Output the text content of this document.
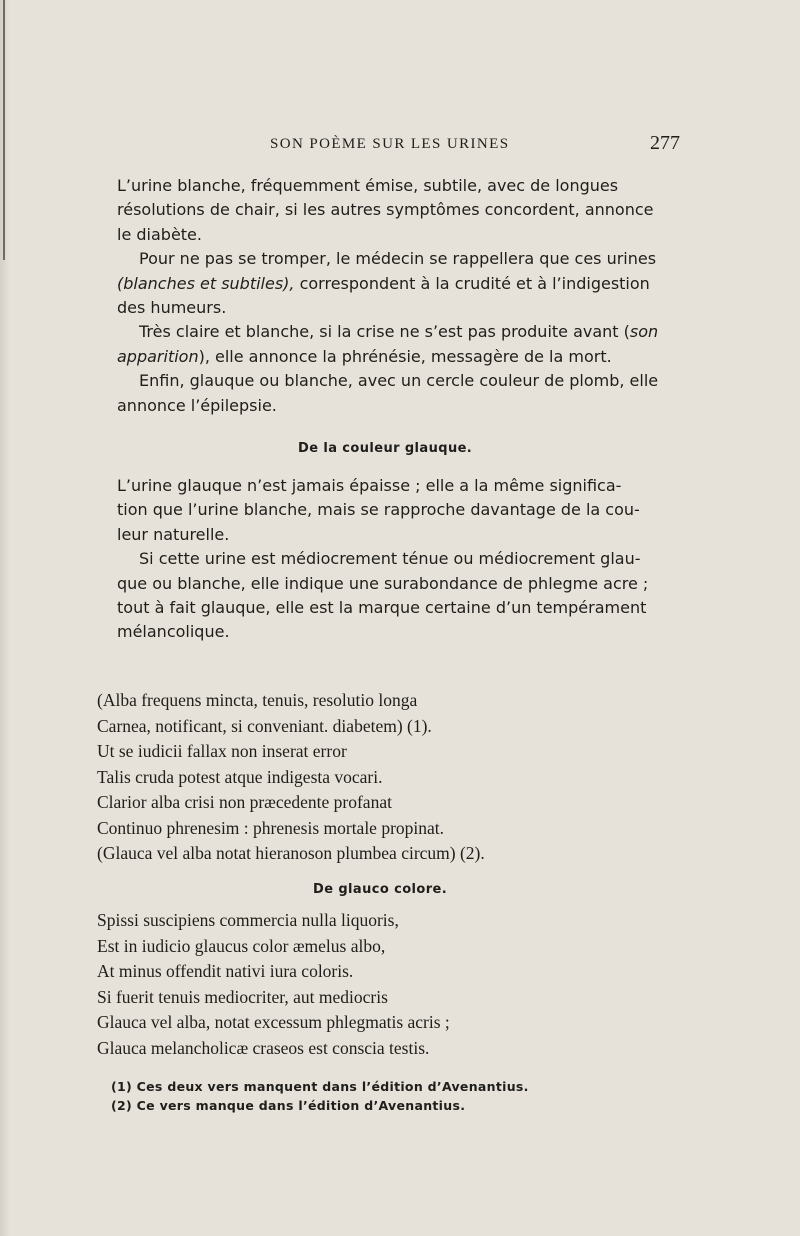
SON POÈME SUR LES URINES	277

L’urine blanche, fréquemment émise, subtile, avec de longues
résolutions de chair, si les autres symptômes concordent, annonce
le diabète.

Pour ne pas se tromper, le médecin se rappellera que ces urines
(blanches et subtiles), correspondent à la crudité et à l’indigestion
des humeurs.

Très claire et blanche, si la crise ne s’est pas produite avant (son
apparition), elle annonce la phrénésie, messagère de la mort.

Enfin, glauque ou blanche, avec un cercle couleur de plomb, elle
annonce l’épilepsie.

De la couleur glauque.

L’urine glauque n’est jamais épaisse ; elle a la même significa-
tion que l’urine blanche, mais se rapproche davantage de la cou-
leur naturelle.

Si cette urine est médiocrement ténue ou médiocrement glau-
que ou blanche, elle indique une surabondance de phlegme acre ;
tout à fait glauque, elle est la marque certaine d’un tempérament
mélancolique.

(Alba frequens mincta, tenuis, resolutio longa
Carnea, notificant, si conveniant. diabetem) (1).
Ut se iudicii fallax non inserat error
Talis cruda potest atque indigesta vocari.
Clarior alba crisi non præcedente profanat
Continuo phrenesim : phrenesis mortale propinat.
(Glauca vel alba notat hieranoson plumbea circum) (2).
De glauco colore.
Spissi suscipiens commercia nulla liquoris,
Est in iudicio glaucus color æmelus albo,
At minus offendit nativi iura coloris.
Si fuerit tenuis mediocriter, aut mediocris
Glauca vel alba, notat excessum phlegmatis acris ;
Glauca melancholicæ craseos est conscia testis.
(1) Ces deux vers manquent dans l’édition d’Avenantius.
(2) Ce vers manque dans l’édition d’Avenantius.
